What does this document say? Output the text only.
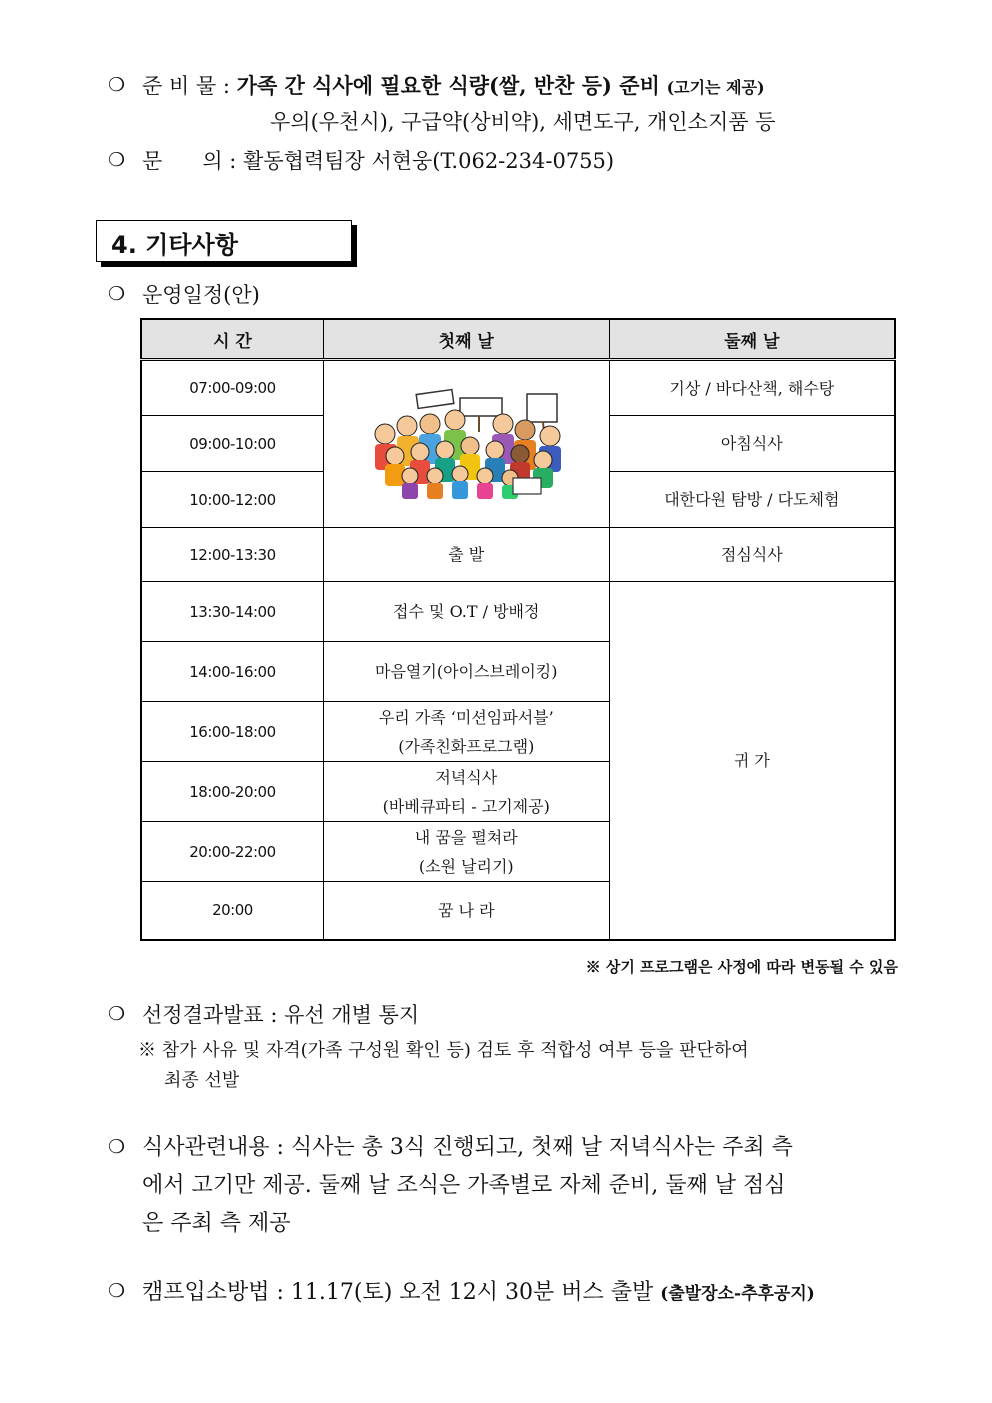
❍ 준 비 물 : 가족 간 식사에 필요한 식량(쌀, 반찬 등) 준비 (고기는 제공)
우의(우천시), 구급약(상비약), 세면도구, 개인소지품 등
❍ 문      의 : 활동협력팀장 서현웅(T.062-234-0755)
4. 기타사항
❍ 운영일정(안)
시 간	첫째 날	둘째 날
07:00-09:00		기상 / 바다산책, 해수탕
09:00-10:00		아침식사
10:00-12:00		대한다원 탐방 / 다도체험
12:00-13:30	출 발	점심식사
13:30-14:00	접수 및 O.T / 방배정	귀 가
14:00-16:00	마음열기(아이스브레이킹)	
16:00-18:00	우리 가족 ‘미션임파서블’
(가족친화프로그램)	

18:00-20:00	저녁식사
(바베큐파티 - 고기제공)	

20:00-22:00	내 꿈을 펼쳐라
(소원 날리기)	

20:00	꿈 나 라	
※ 상기 프로그램은 사정에 따라 변동될 수 있음
❍ 선정결과발표 : 유선 개별 통지
※ 참가 사유 및 자격(가족 구성원 확인 등) 검토 후 적합성 여부 등을 판단하여
최종 선발
❍ 식사관련내용 : 식사는 총 3식 진행되고, 첫째 날 저녁식사는 주최 측
에서 고기만 제공. 둘째 날 조식은 가족별로 자체 준비, 둘째 날 점심
은 주최 측 제공
❍ 캠프입소방법 : 11.17(토) 오전 12시 30분 버스 출발 (출발장소-추후공지)
